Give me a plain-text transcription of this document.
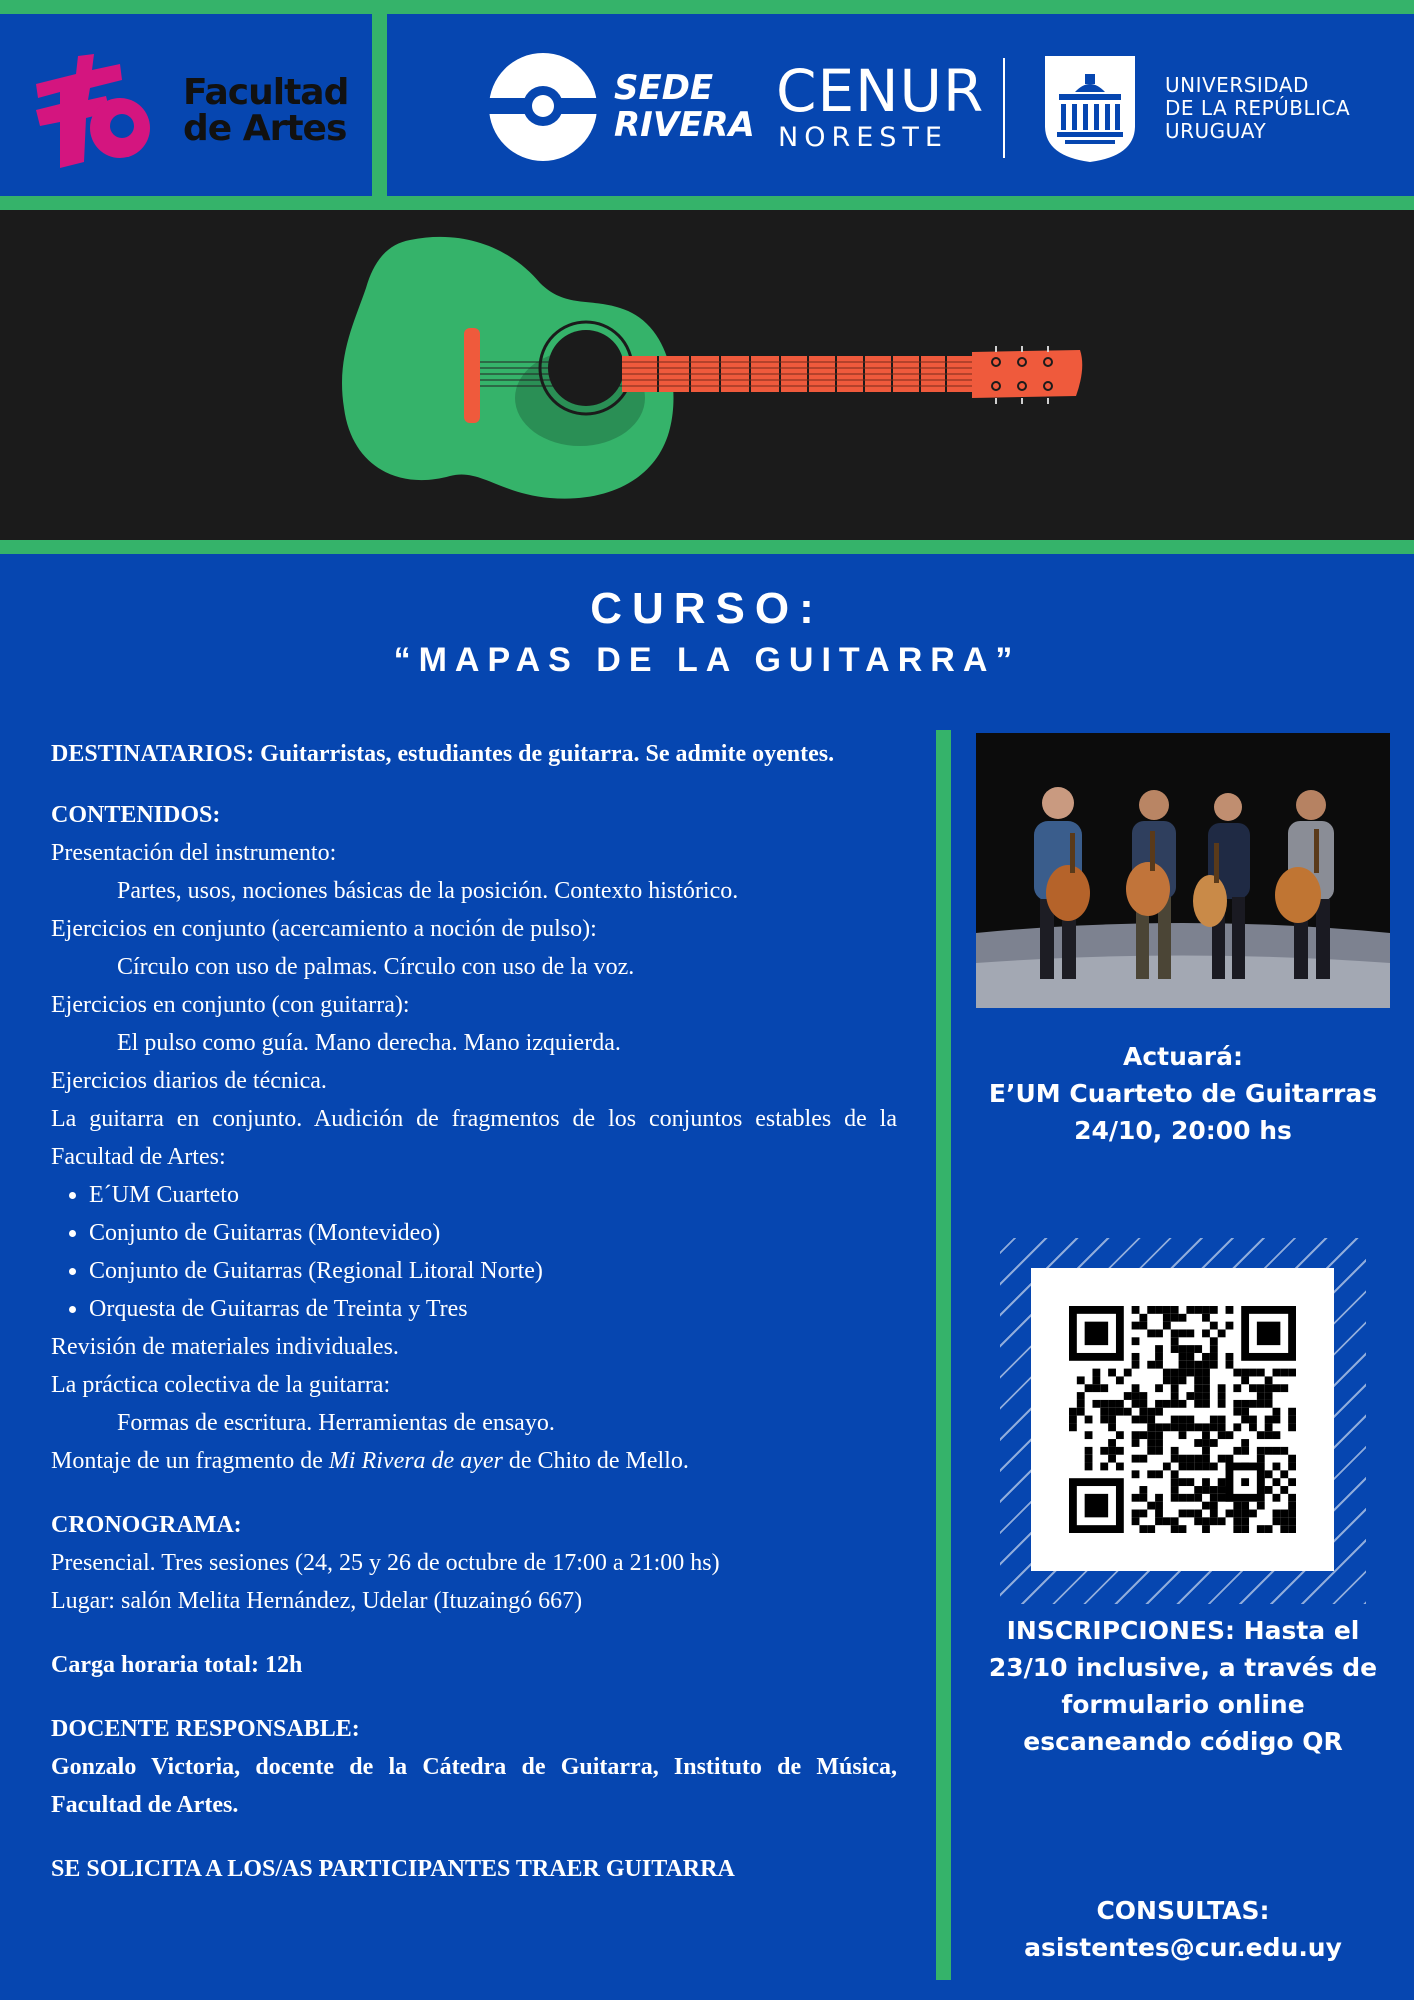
Facultad
de Artes
SEDE
RIVERA CENUR
NORESTE
UNIVERSIDAD
DE LA REPÚBLICA
URUGUAY
CURSO:
“MAPAS DE LA GUITARRA”

DESTINATARIOS: Guitarristas, estudiantes de guitarra. Se admite oyentes.

CONTENIDOS:

Presentación del instrumento:

Partes, usos, nociones básicas de la posición. Contexto histórico.

Ejercicios en conjunto (acercamiento a noción de pulso):

Círculo con uso de palmas. Círculo con uso de la voz.

Ejercicios en conjunto (con guitarra):

El pulso como guía. Mano derecha. Mano izquierda.

Ejercicios diarios de técnica.

La guitarra en conjunto. Audición de fragmentos de los conjuntos estables de la Facultad de Artes:

• E´UM Cuarteto
• Conjunto de Guitarras (Montevideo)
• Conjunto de Guitarras (Regional Litoral Norte)
• Orquesta de Guitarras de Treinta y Tres

Revisión de materiales individuales.

La práctica colectiva de la guitarra:

Formas de escritura. Herramientas de ensayo.

Montaje de un fragmento de Mi Rivera de ayer de Chito de Mello.

CRONOGRAMA:

Presencial. Tres sesiones (24, 25 y 26 de octubre de 17:00 a 21:00 hs)

Lugar: salón Melita Hernández, Udelar (Ituzaingó 667)

Carga horaria total: 12h

DOCENTE RESPONSABLE:

Gonzalo Victoria, docente de la Cátedra de Guitarra, Instituto de Música, Facultad de Artes.

SE SOLICITA A LOS/AS PARTICIPANTES TRAER GUITARRA

Actuará:
E’UM Cuarteto de Guitarras
24/10, 20:00 hs
INSCRIPCIONES: Hasta el
23/10 inclusive, a través de
formulario online
escaneando código QR
CONSULTAS:
asistentes@cur.edu.uy
